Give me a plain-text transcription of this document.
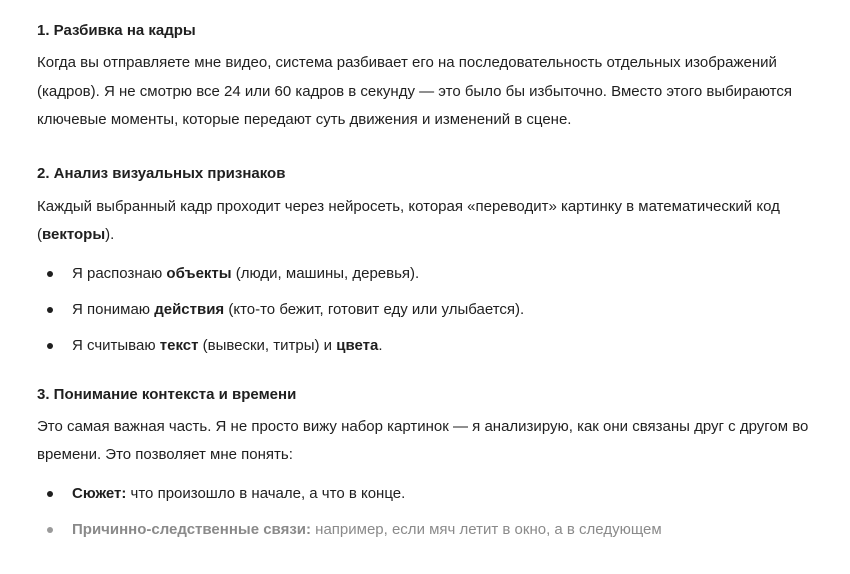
1. Разбивка на кадры

Когда вы отправляете мне видео, система разбивает его на последовательность отдельных изображений (кадров). Я не смотрю все 24 или 60 кадров в секунду — это было бы избыточно. Вместо этого выбираются ключевые моменты, которые передают суть движения и изменений в сцене.

2. Анализ визуальных признаков

Каждый выбранный кадр проходит через нейросеть, которая «переводит» картинку в математический код (векторы).

Я распознаю объекты (люди, машины, деревья).
Я понимаю действия (кто-то бежит, готовит еду или улыбается).
Я считываю текст (вывески, титры) и цвета.

3. Понимание контекста и времени

Это самая важная часть. Я не просто вижу набор картинок — я анализирую, как они связаны друг с другом во времени. Это позволяет мне понять:

Сюжет: что произошло в начале, а что в конце.
Причинно-следственные связи: например, если мяч летит в окно, а в следующем
